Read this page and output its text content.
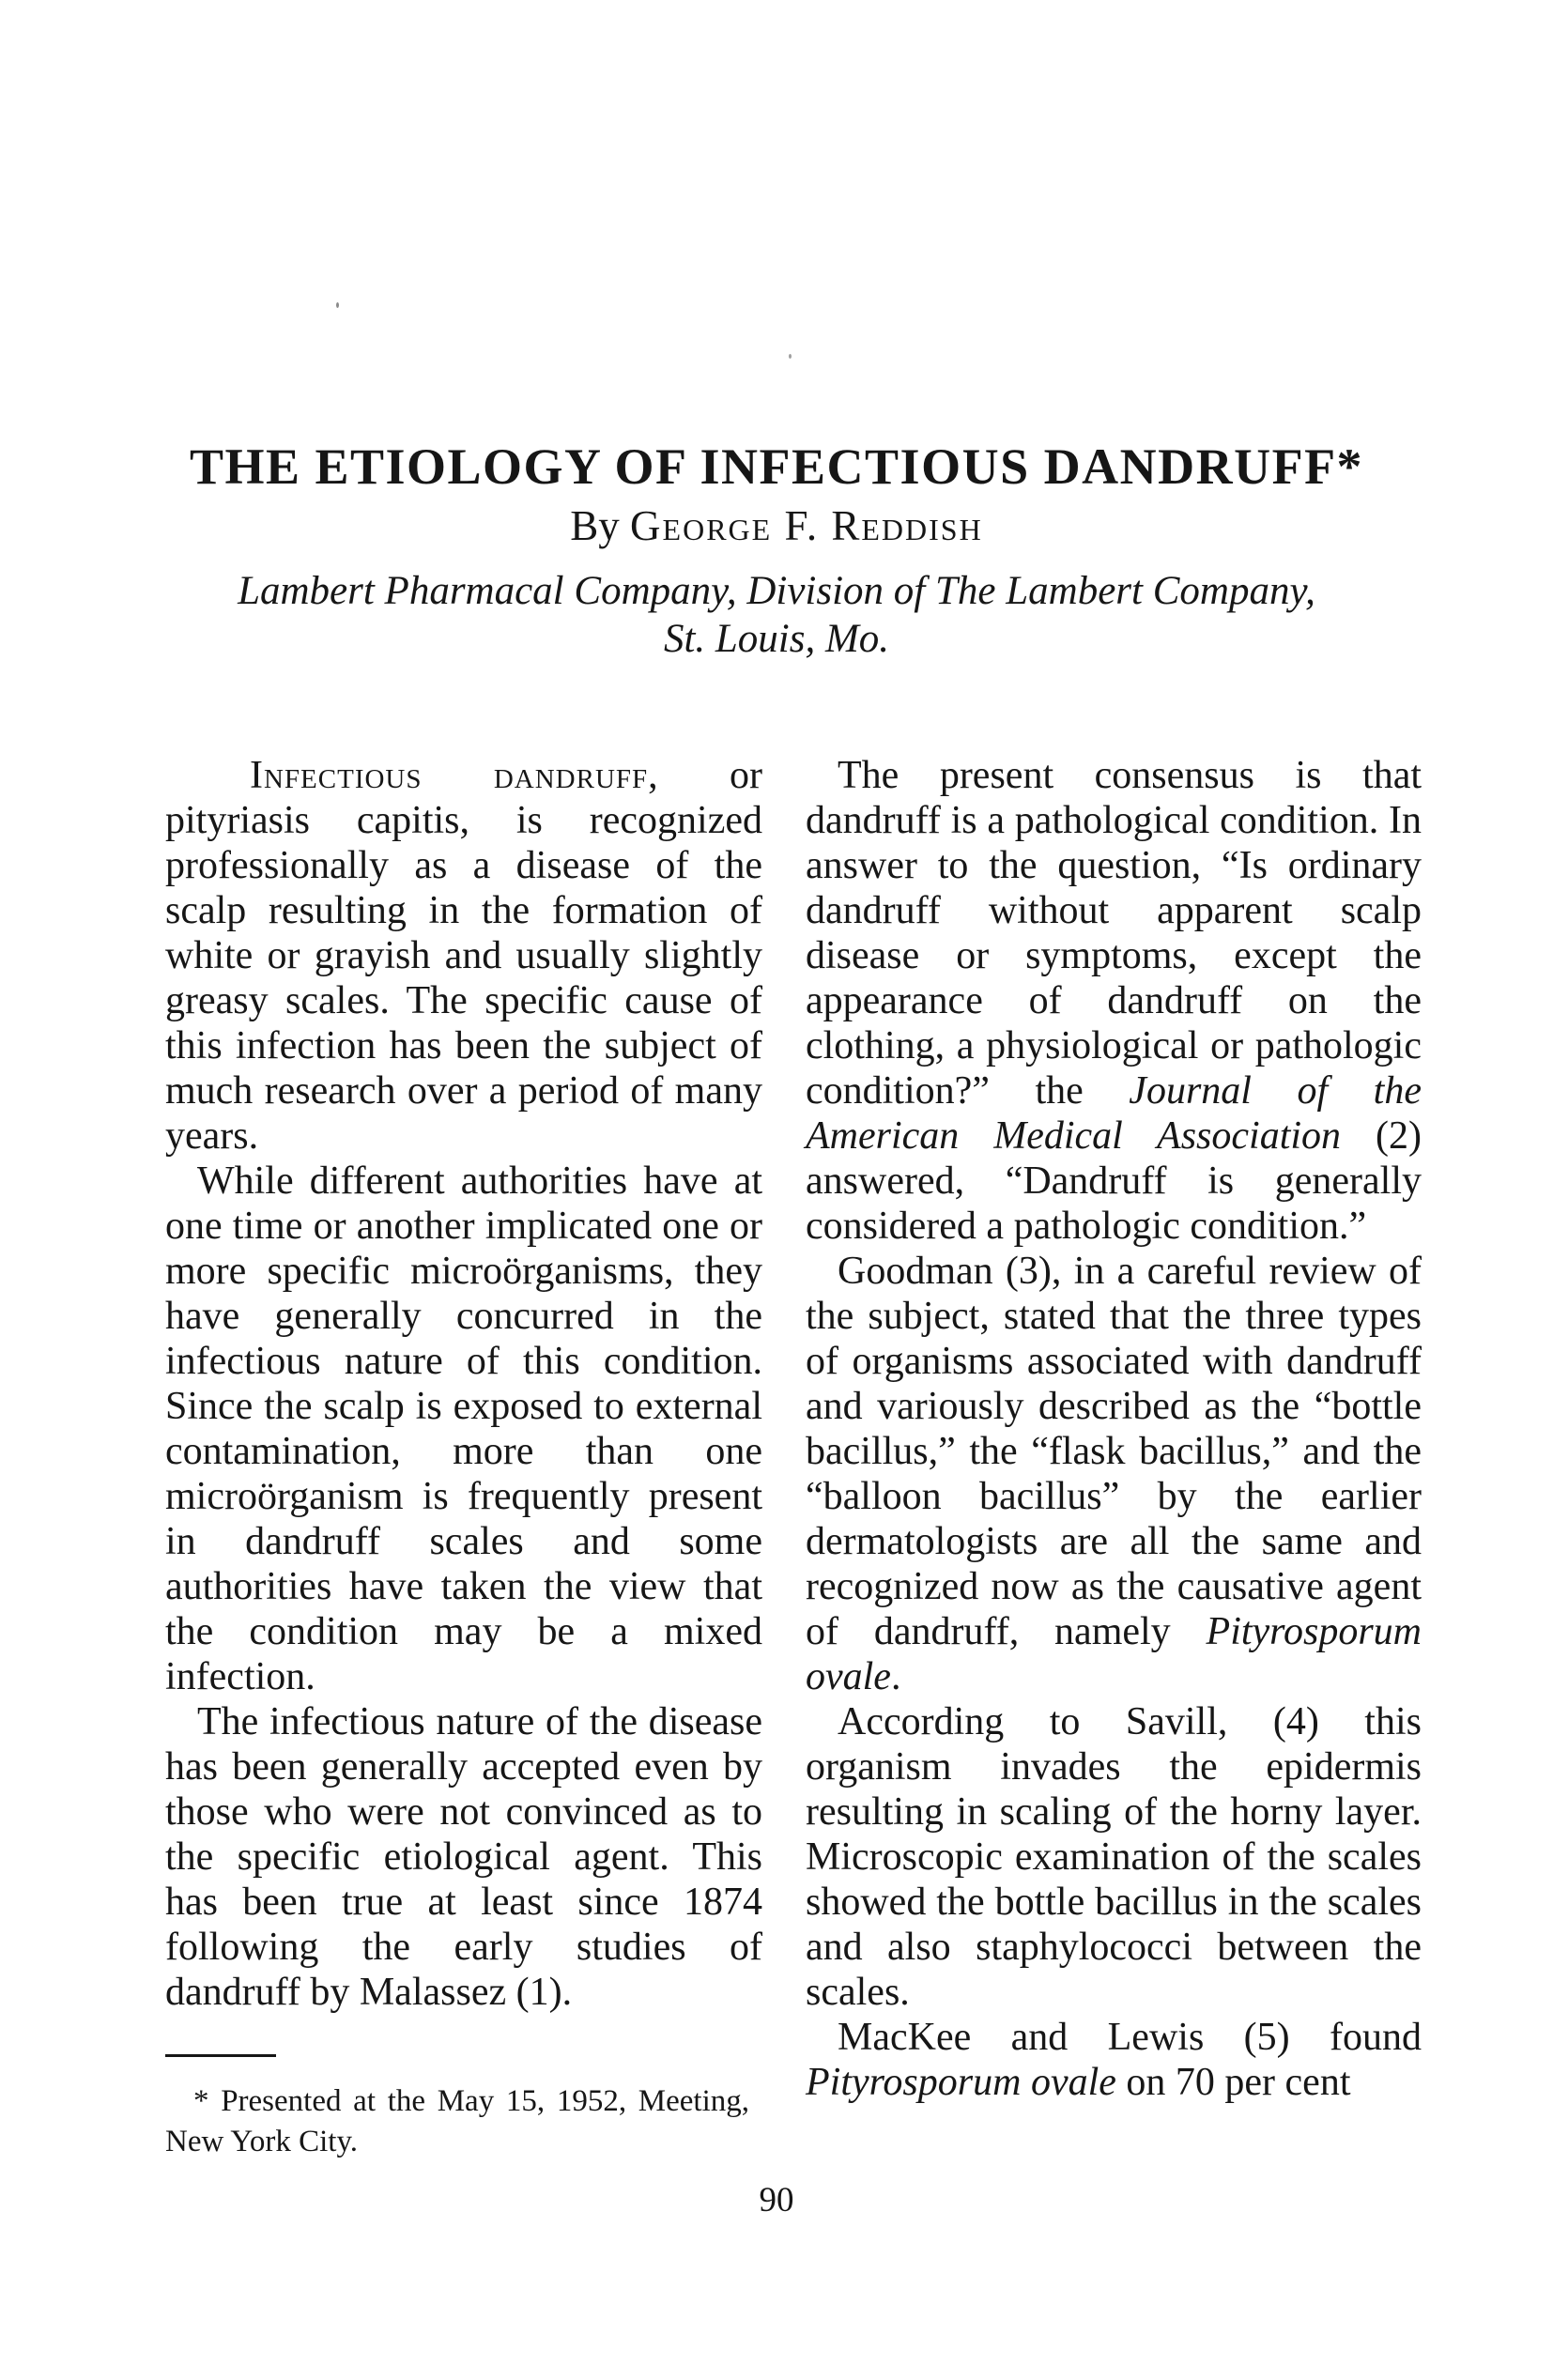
THE ETIOLOGY OF INFECTIOUS DANDRUFF*
By George F. Reddish
Lambert Pharmacal Company, Division of The Lambert Company,
St. Louis, Mo.

Infectious dandruff, or pityriasis capitis, is recognized professionally as a disease of the scalp resulting in the formation of white or grayish and usually slightly greasy scales. The specific cause of this infection has been the subject of much research over a period of many years.

While different authorities have at one time or another implicated one or more specific microörganisms, they have generally concurred in the infectious nature of this condition. Since the scalp is exposed to external contamination, more than one microörganism is frequently present in dandruff scales and some authorities have taken the view that the condition may be a mixed infection.

The infectious nature of the disease has been generally accepted even by those who were not convinced as to the specific etiological agent. This has been true at least since 1874 following the early studies of dandruff by Malassez (1).

* Presented at the May 15, 1952, Meeting, New York City.

The present consensus is that dandruff is a pathological condition. In answer to the question, “Is ordinary dandruff without apparent scalp disease or symptoms, except the appearance of dandruff on the clothing, a physiological or pathologic condition?” the Journal of the American Medical Association (2) answered, “Dandruff is generally considered a pathologic condition.”

Goodman (3), in a careful review of the subject, stated that the three types of organisms associated with dandruff and variously described as the “bottle bacillus,” the “flask bacillus,” and the “balloon bacillus” by the earlier dermatologists are all the same and recognized now as the causative agent of dandruff, namely Pityrosporum ovale.

According to Savill, (4) this organism invades the epidermis resulting in scaling of the horny layer. Microscopic examination of the scales showed the bottle bacillus in the scales and also staphylococci between the scales.

MacKee and Lewis (5) found Pityrosporum ovale on 70 per cent

90
